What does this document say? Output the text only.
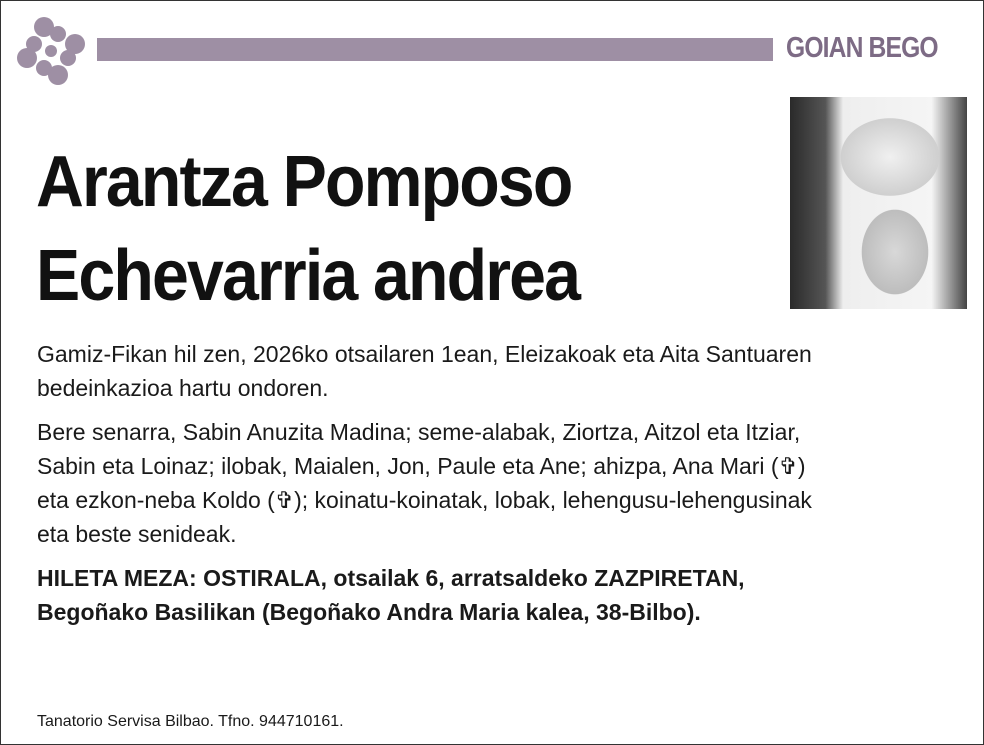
GOIAN BEGO
Arantza Pomposo
Echevarria andrea

Gamiz-Fikan hil zen, 2026ko otsailaren 1ean, Eleizakoak eta Aita Santuaren
bedeinkazioa hartu ondoren.

Bere senarra, Sabin Anuzita Madina; seme-alabak, Ziortza, Aitzol eta Itziar,
Sabin eta Loinaz; ilobak, Maialen, Jon, Paule eta Ane; ahizpa, Ana Mari (✞)
eta ezkon-neba Koldo (✞); koinatu-koinatak, lobak, lehengusu-lehengusinak
eta beste senideak.

HILETA MEZA: OSTIRALA, otsailak 6, arratsaldeko ZAZPIRETAN,
Begoñako Basilikan (Begoñako Andra Maria kalea, 38-Bilbo).

Tanatorio Servisa Bilbao. Tfno. 944710161.
